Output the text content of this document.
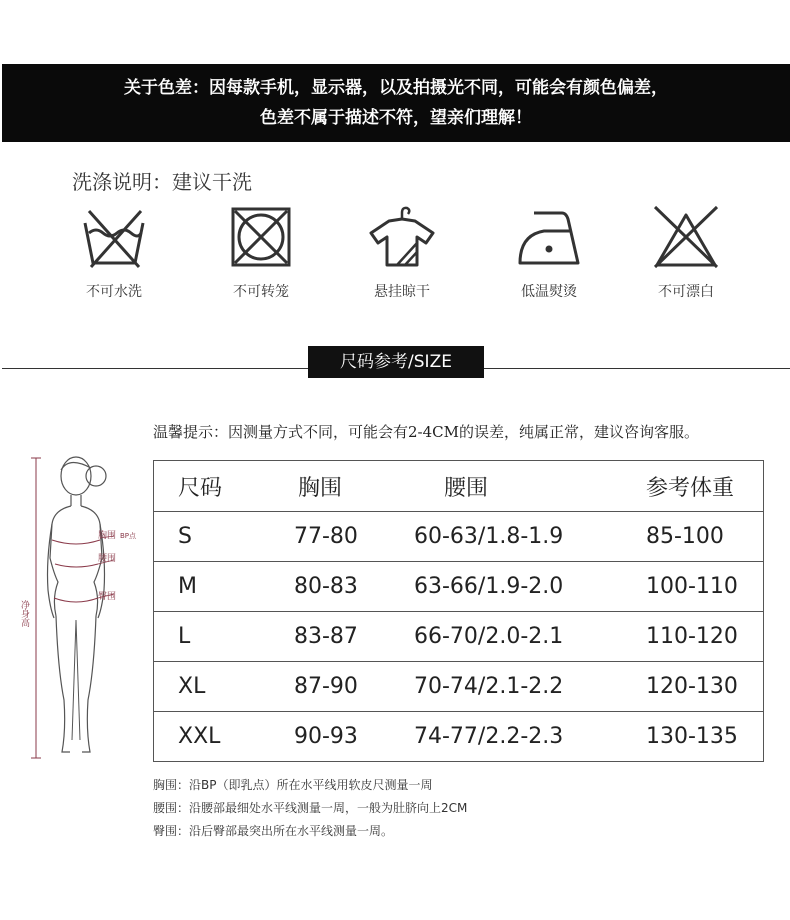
关于色差：因每款手机，显示器，以及拍摄光不同，可能会有颜色偏差，
色差不属于描述不符，望亲们理解！
洗涤说明：建议干洗
不可水洗	不可转笼	悬挂晾干	低温熨烫	不可漂白
尺码参考/SIZE
温馨提示：因测量方式不同，可能会有2-4CM的误差，纯属正常，建议咨询客服。
胸围 BP点
腰围
臀围
净身高
尺码	胸围	腰围	参考体重
S	77-80	60-63/1.8-1.9	85-100
M	80-83	63-66/1.9-2.0	100-110
L	83-87	66-70/2.0-2.1	110-120
XL	87-90	70-74/2.1-2.2	120-130
XXL	90-93	74-77/2.2-2.3	130-135
胸围：沿BP（即乳点）所在水平线用软皮尺测量一周
腰围：沿腰部最细处水平线测量一周，一般为肚脐向上2CM
臀围：沿后臀部最突出所在水平线测量一周。
